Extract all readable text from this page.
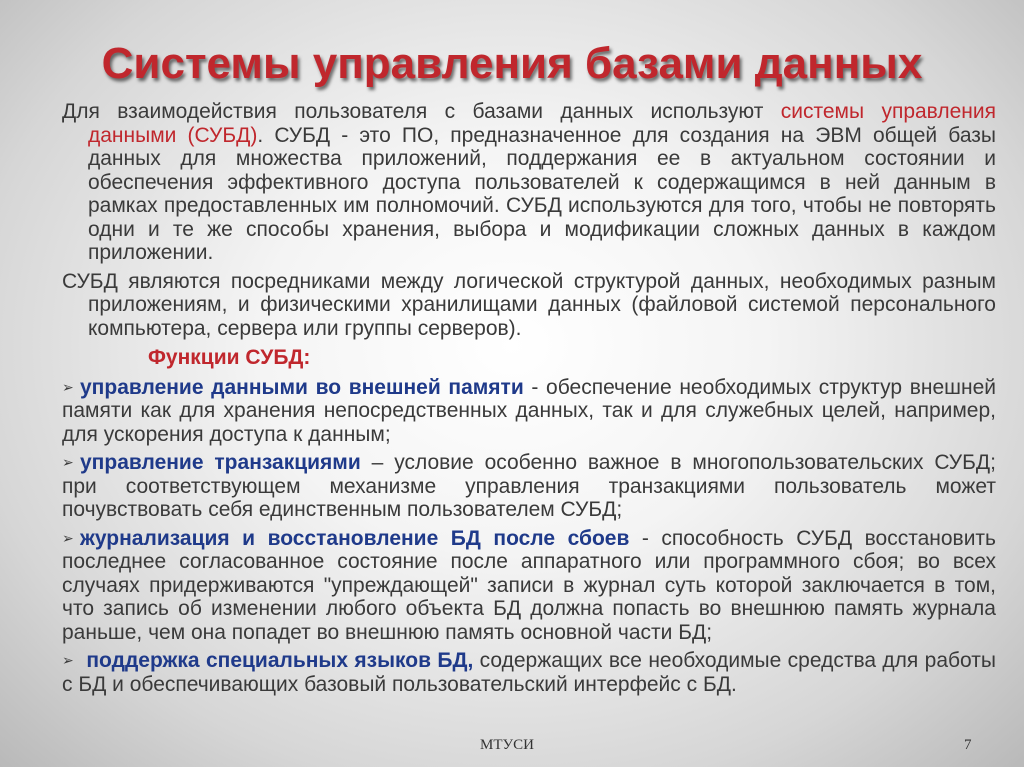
Системы управления базами данных

Для взаимодействия пользователя с базами данных используют системы управления данными (СУБД). СУБД - это ПО, предназначенное для создания на ЭВМ общей базы данных для множества приложений, поддержания ее в актуальном состоянии и обеспечения эффективного доступа пользователей к содержащимся в ней данным в рамках предоставленных им полномочий. СУБД используются для того, чтобы не повторять одни и те же способы хранения, выбора и модификации сложных данных в каждом приложении.

СУБД являются посредниками между логической структурой данных, необходимых разным приложениям, и физическими хранилищами данных (файловой системой персонального компьютера, сервера или группы серверов).

Функции СУБД:

➢ управление данными во внешней памяти - обеспечение необходимых структур внешней памяти как для хранения непосредственных данных, так и для служебных целей, например, для ускорения доступа к данным;

➢ управление транзакциями – условие особенно важное в многопользовательских СУБД; при соответствующем механизме управления транзакциями пользователь может почувствовать себя единственным пользователем СУБД;

➢ журнализация и восстановление БД после сбоев - способность СУБД восстановить последнее согласованное состояние после аппаратного или программного сбоя; во всех случаях придерживаются "упреждающей" записи в журнал суть которой заключается в том, что запись об изменении любого объекта БД должна попасть во внешнюю память журнала раньше, чем она попадет во внешнюю память основной части БД;

➢ поддержка специальных языков БД, содержащих все необходимые средства для работы с БД и обеспечивающих базовый пользовательский интерфейс с БД.

МТУСИ	7
